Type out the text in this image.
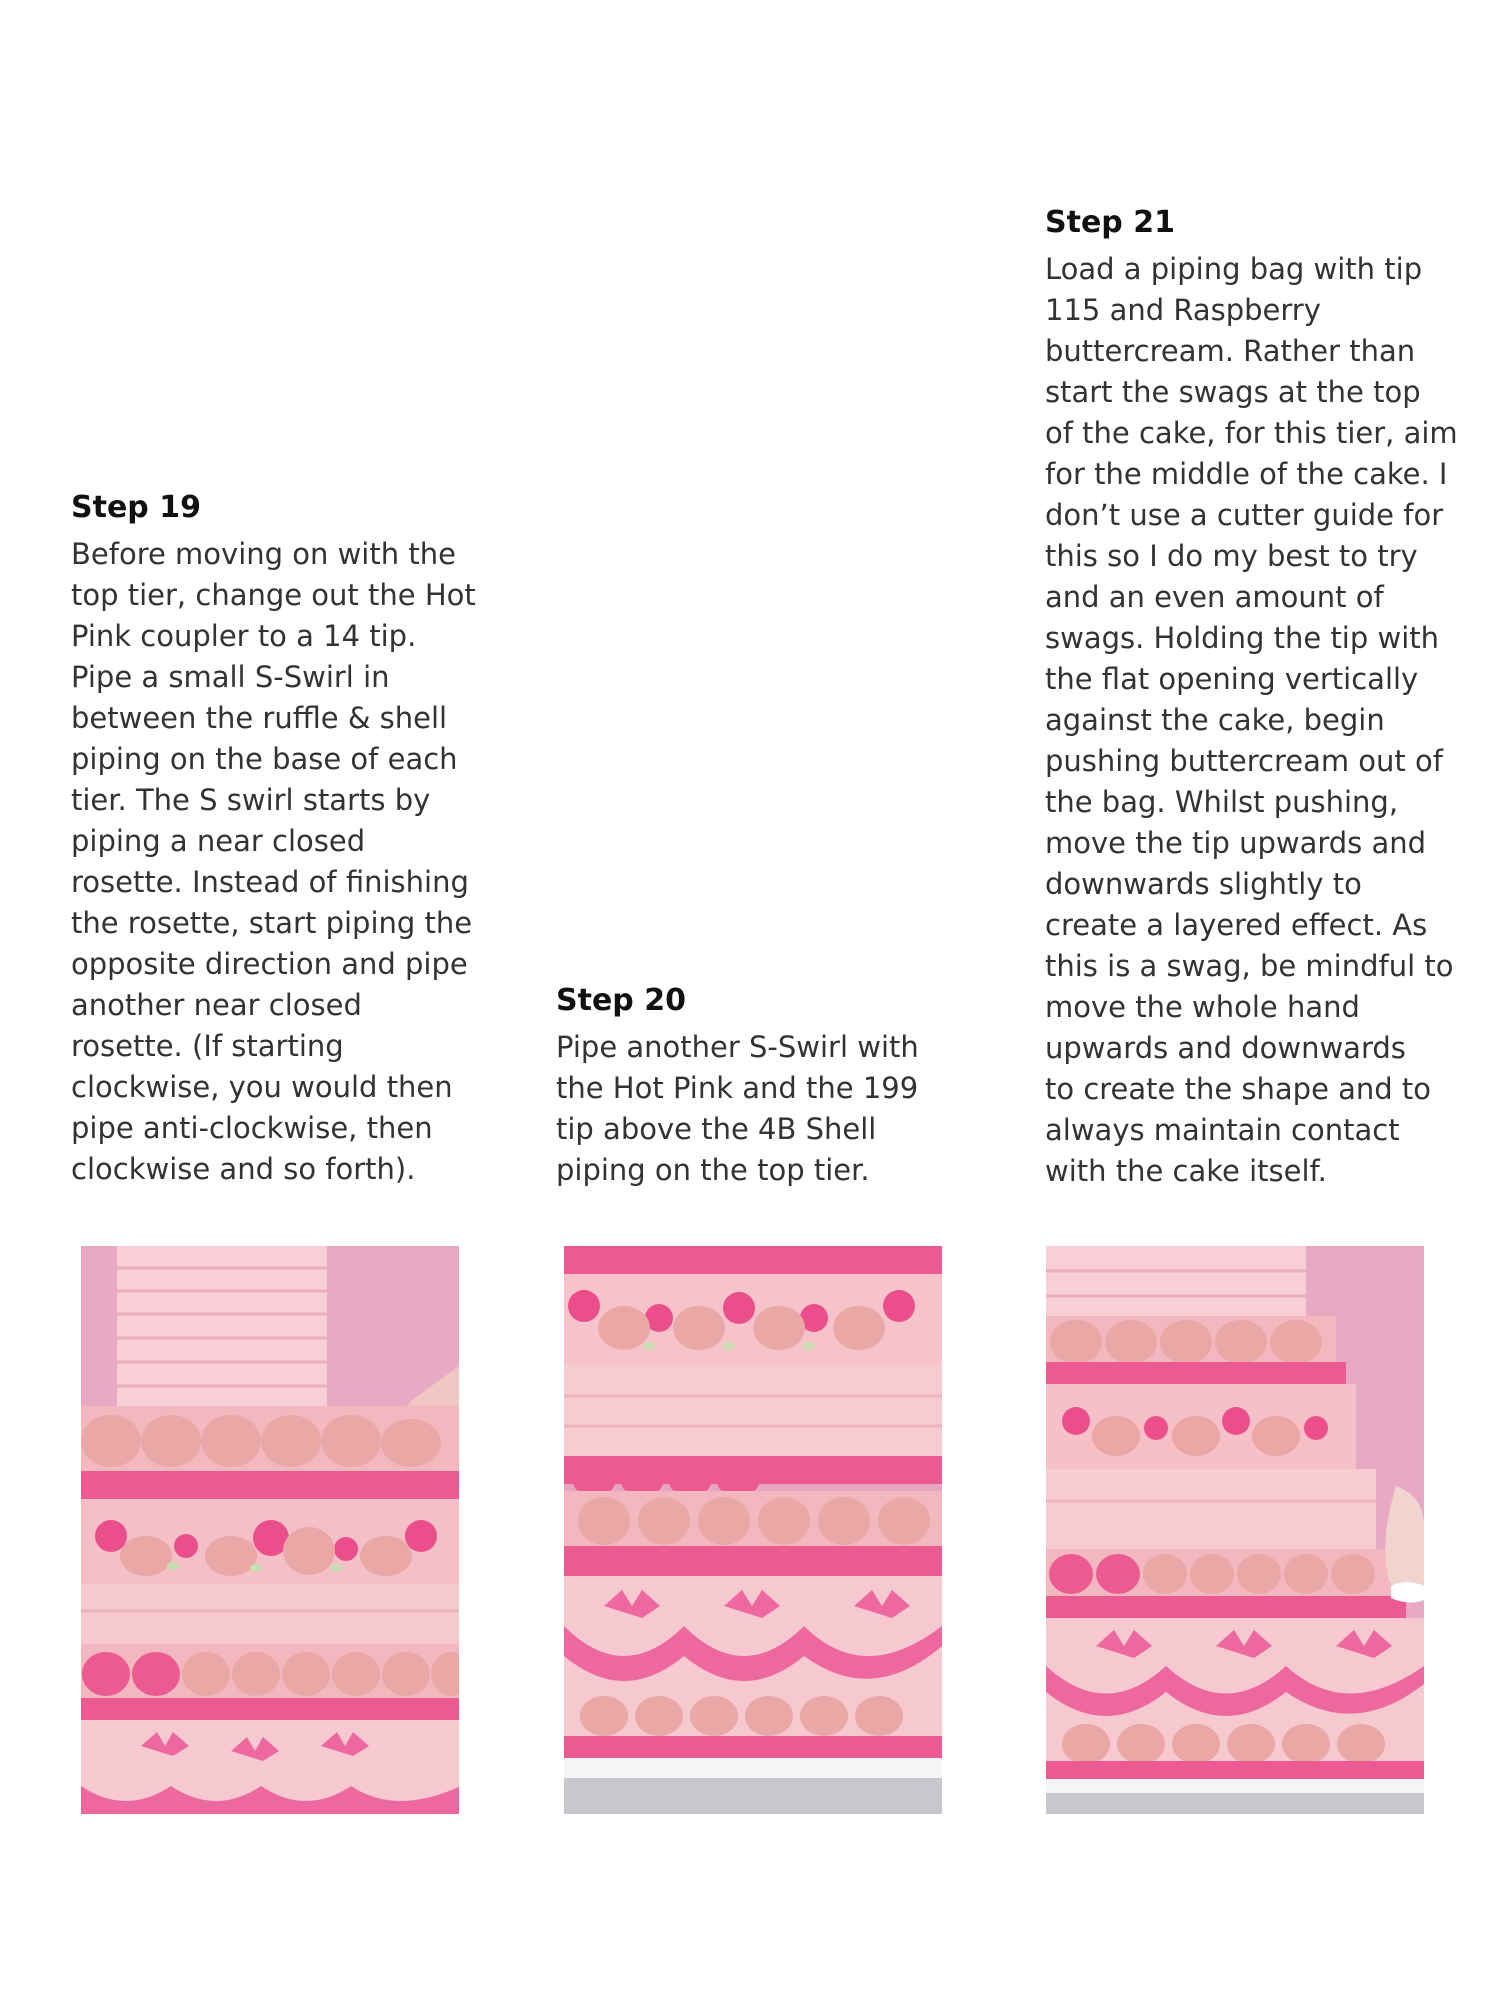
Step 19

Before moving on with the
top tier, change out the Hot
Pink coupler to a 14 tip.
Pipe a small S-Swirl in
between the ruffle & shell
piping on the base of each
tier. The S swirl starts by
piping a near closed
rosette. Instead of finishing
the rosette, start piping the
opposite direction and pipe
another near closed
rosette. (If starting
clockwise, you would then
pipe anti-clockwise, then
clockwise and so forth).

Step 20

Pipe another S-Swirl with
the Hot Pink and the 199
tip above the 4B Shell
piping on the top tier.

Step 21

Load a piping bag with tip
115 and Raspberry
buttercream. Rather than
start the swags at the top
of the cake, for this tier, aim
for the middle of the cake. I
don’t use a cutter guide for
this so I do my best to try
and an even amount of
swags. Holding the tip with
the flat opening vertically
against the cake, begin
pushing buttercream out of
the bag. Whilst pushing,
move the tip upwards and
downwards slightly to
create a layered effect. As
this is a swag, be mindful to
move the whole hand
upwards and downwards
to create the shape and to
always maintain contact
with the cake itself.
